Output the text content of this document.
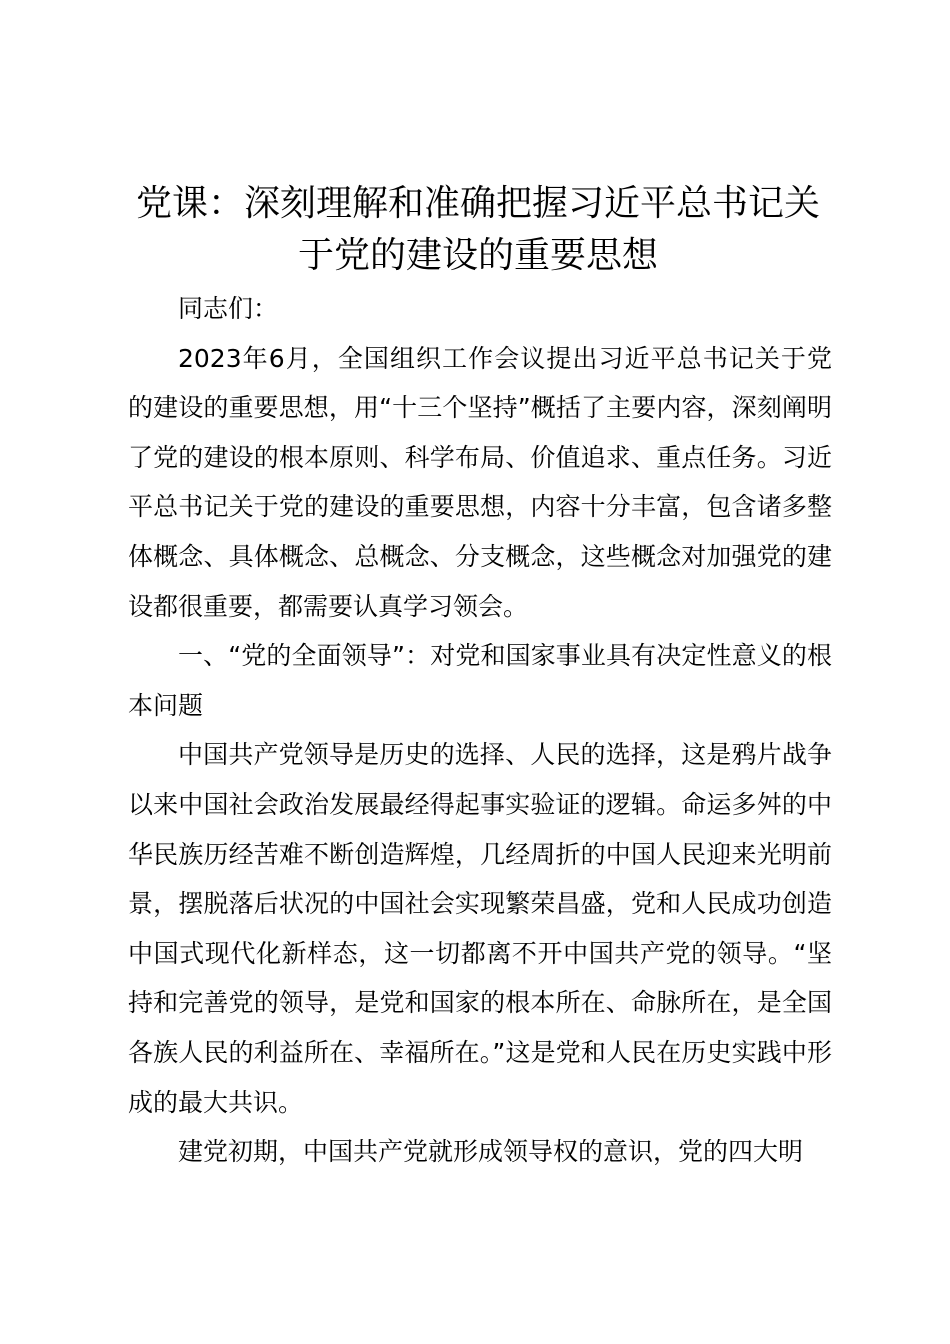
党课：深刻理解和准确把握习近平总书记关于党的建设的重要思想

同志们：

2023年6月，全国组织工作会议提出习近平总书记关于党的建设的重要思想，用“十三个坚持”概括了主要内容，深刻阐明了党的建设的根本原则、科学布局、价值追求、重点任务。习近平总书记关于党的建设的重要思想，内容十分丰富，包含诸多整体概念、具体概念、总概念、分支概念，这些概念对加强党的建设都很重要，都需要认真学习领会。

一、“党的全面领导”：对党和国家事业具有决定性意义的根本问题

中国共产党领导是历史的选择、人民的选择，这是鸦片战争以来中国社会政治发展最经得起事实验证的逻辑。命运多舛的中华民族历经苦难不断创造辉煌，几经周折的中国人民迎来光明前景，摆脱落后状况的中国社会实现繁荣昌盛，党和人民成功创造中国式现代化新样态，这一切都离不开中国共产党的领导。“坚持和完善党的领导，是党和国家的根本所在、命脉所在，是全国各族人民的利益所在、幸福所在。”这是党和人民在历史实践中形成的最大共识。

建党初期，中国共产党就形成领导权的意识，党的四大明
